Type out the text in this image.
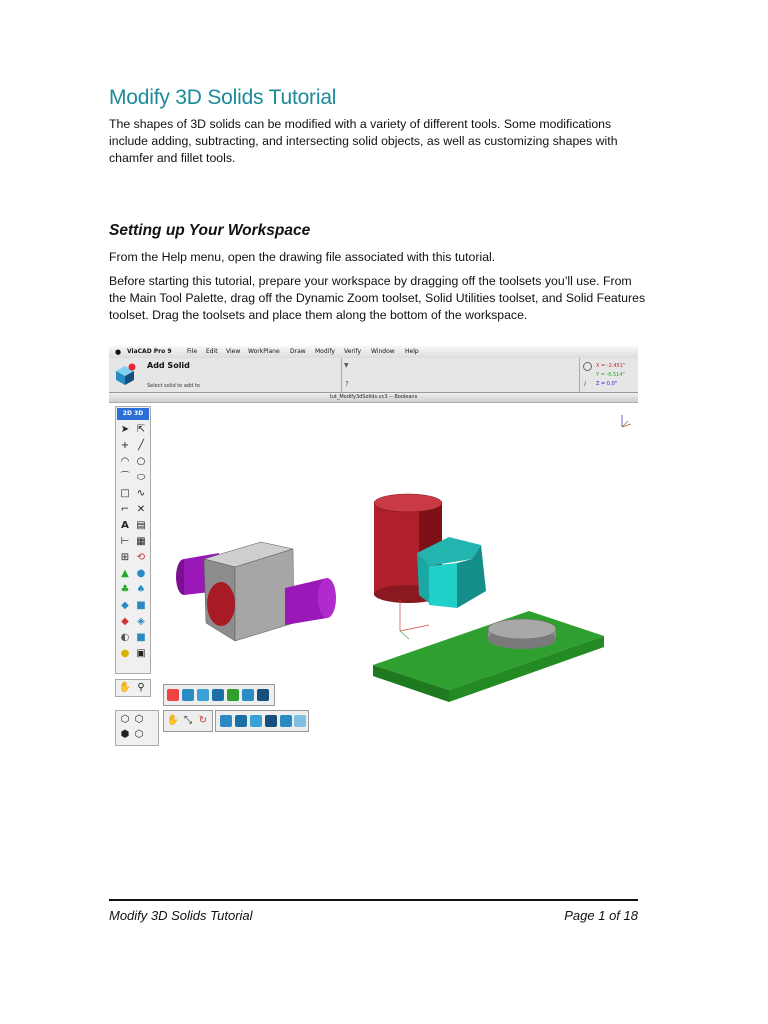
Modify 3D Solids Tutorial

The shapes of 3D solids can be modified with a variety of different tools. Some modifications include adding, subtracting, and intersecting solid objects, as well as customizing shapes with chamfer and fillet tools.

Setting up Your Workspace

From the Help menu, open the drawing file associated with this tutorial.

Before starting this tutorial, prepare your workspace by dragging off the toolsets you’ll use. From the Main Tool Palette, drag off the Dynamic Zoom toolset, Solid Utilities toolset, and Solid Features toolset. Drag the toolsets and place them along the bottom of the workspace.

● ViaCAD Pro 9	File Edit View WorkPlane Draw Modify Verify Window Help
Add Solid
Select solid to add to
▼
?	i
X = -2.451"
Y = -6.514"
Z = 0.0"
tut_Modify3dSolids.vc3 -- Booleans
✋ ⤡ ↻
2D 3D
➤ ⇱
+ ╱
◠ ○
⌒ ⬭
□ ∿
⌐ ✕
A ▤
⊢ ▦
⊞ ⟲
▲ ●
♣ ♠
◆ ■
◆ ◈
◐ ■
● ▣
✋ ⚲
⬡ ⬡
⬢ ⬡
Modify 3D Solids Tutorial	Page 1 of 18
